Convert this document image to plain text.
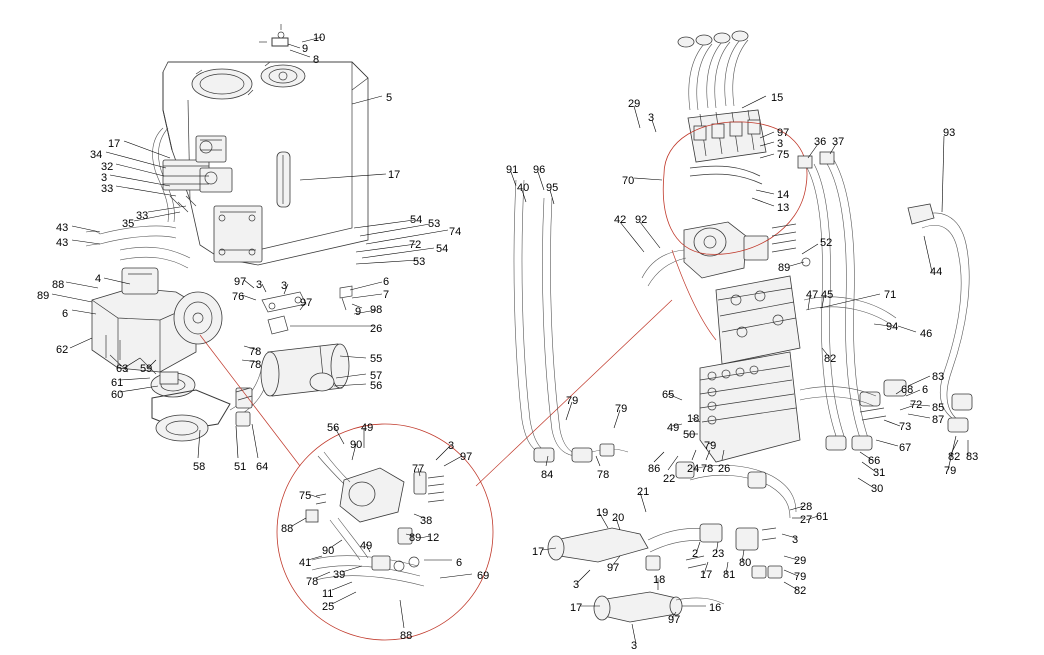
10
9
8
5
17
34
32
3
33
17
33
35
43
43
54 53
74
72 54
53
88	4
89
6
97 3 3
76	97
6
7
9 98
26
62	78
78	55
57
56
63 59
61
60
58	51 64
56 49
90	3
97
77
75
38
88
89 12
90 49
6
41
39	69
78
11
25
88
91 96
40 95
42 92
79
79
84	78
65
49
18
50
79
86
22
24 78 26
29
3
15
97
3
75
70
14
13
36 37
93
52
89	44
47 45	71
94
46
82
83
68 6
85
72
87
73
67
82 83
79
66
31
30
28
27 61
3
29
79
82
19 20
21
17
97
2 23
80
17 81
3	18
17
97
16
3
